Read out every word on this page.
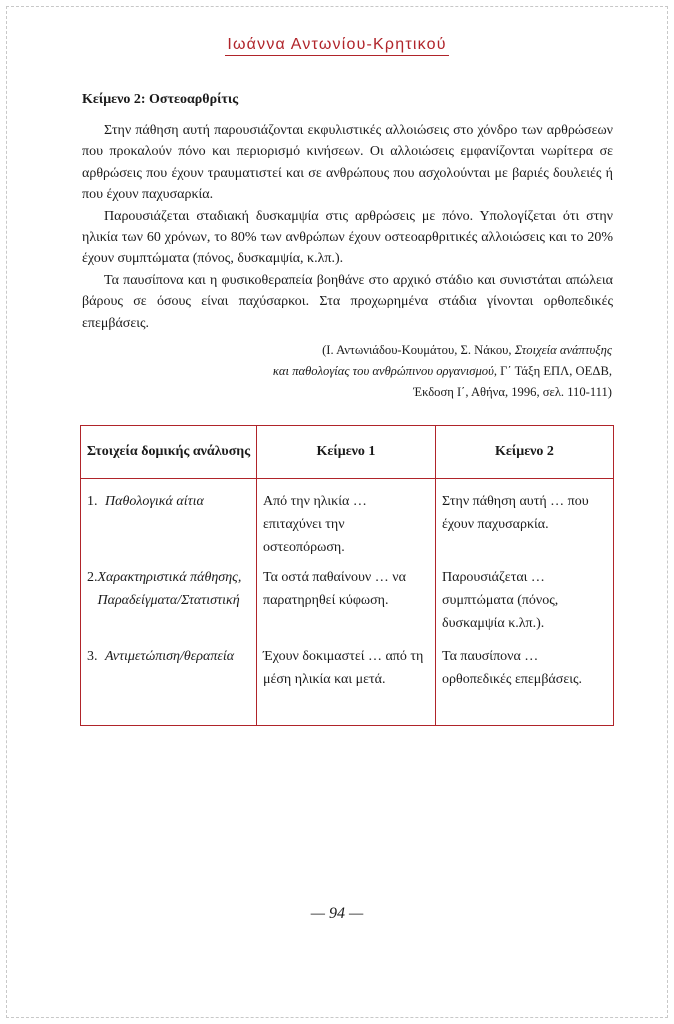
Ιωάννα Αντωνίου-Κρητικού
Κείμενο 2: Οστεοαρθρίτις

Στην πάθηση αυτή παρουσιάζονται εκφυλιστικές αλλοιώσεις στο χόνδρο των αρθρώσεων που προκαλούν πόνο και περιορισμό κινήσεων. Οι αλλοιώσεις εμφανίζονται νωρίτερα σε αρθρώσεις που έχουν τραυματιστεί και σε ανθρώπους που ασχολούνται με βαριές δουλειές ή που έχουν παχυσαρκία.

Παρουσιάζεται σταδιακή δυσκαμψία στις αρθρώσεις με πόνο. Υπολογίζεται ότι στην ηλικία των 60 χρόνων, το 80% των ανθρώπων έχουν οστεοαρθριτικές αλλοιώσεις και το 20% έχουν συμπτώματα (πόνος, δυσκαμψία, κ.λπ.).

Τα παυσίπονα και η φυσικοθεραπεία βοηθάνε στο αρχικό στάδιο και συνιστάται απώλεια βάρους σε όσους είναι παχύσαρκοι. Στα προχωρημένα στάδια γίνονται ορθοπεδικές επεμβάσεις.

(Ι. Αντωνιάδου-Κουμάτου, Σ. Νάκου, Στοιχεία ανάπτυξης
και παθολογίας του ανθρώπινου οργανισμού, Γ΄ Τάξη ΕΠΛ, ΟΕΔΒ,
Έκδοση Ι΄, Αθήνα, 1996, σελ. 110-111)
Στοιχεία δομικής ανάλυσης	Κείμενο 1	Κείμενο 2

1. Παθολογικά αίτια	Από την ηλικία … επιταχύνει την οστεοπόρωση.	Στην πάθηση αυτή … που έχουν παχυσαρκία.

2. Χαρακτηριστικά πάθησης, Παραδείγματα/Στατιστική	Τα οστά παθαίνουν … να παρατηρηθεί κύφωση.	Παρουσιάζεται … συμπτώματα (πόνος, δυσκαμψία κ.λπ.).

3. Αντιμετώπιση/θεραπεία	Έχουν δοκιμαστεί … από τη μέση ηλικία και μετά.	Τα παυσίπονα … ορθοπεδικές επεμβάσεις.
— 94 —
